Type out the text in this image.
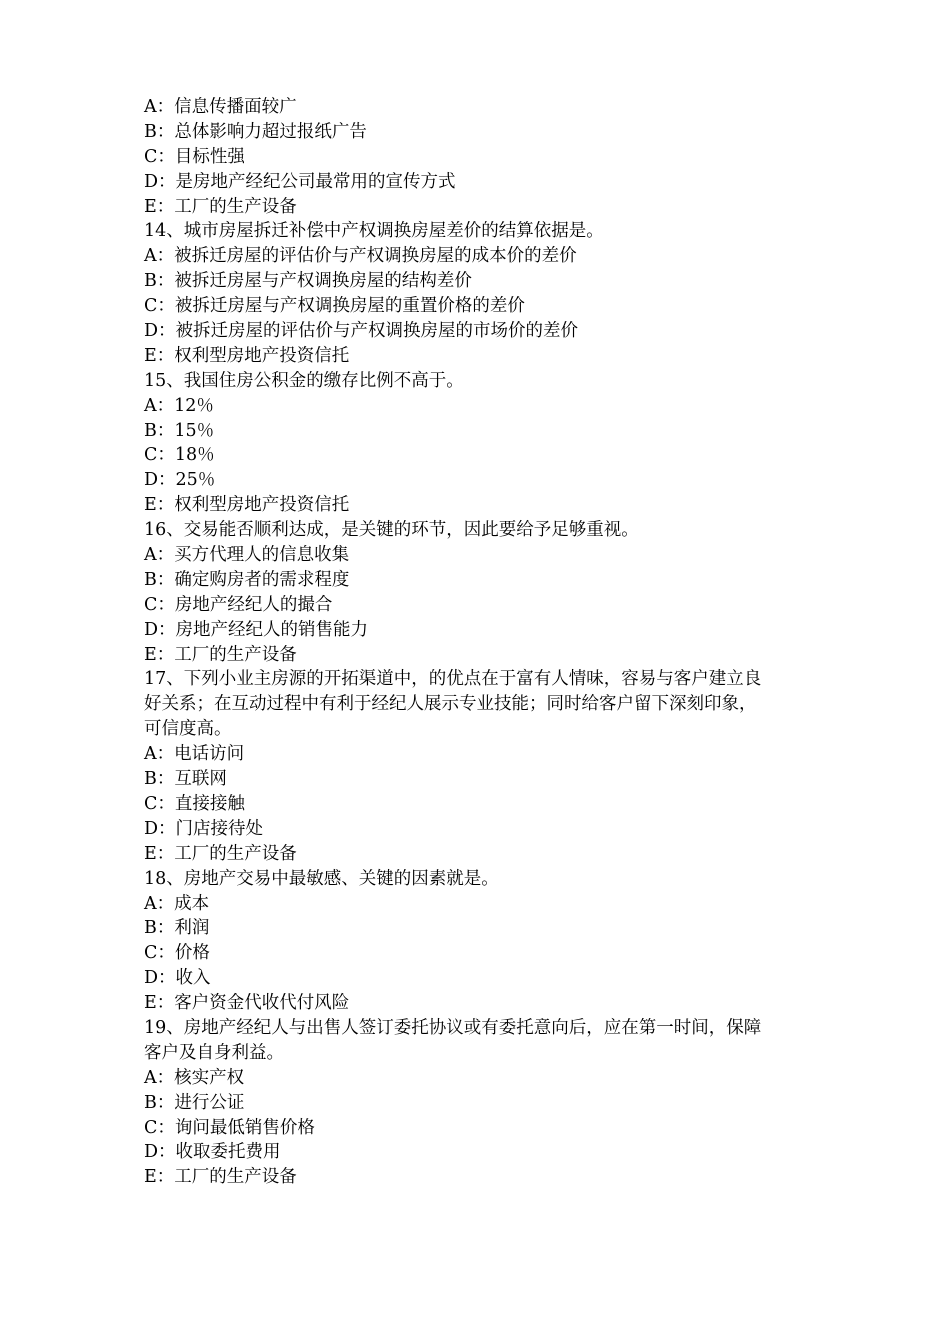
A：信息传播面较广
B：总体影响力超过报纸广告
C：目标性强
D：是房地产经纪公司最常用的宣传方式
E：工厂的生产设备
14、城市房屋拆迁补偿中产权调换房屋差价的结算依据是。
A：被拆迁房屋的评估价与产权调换房屋的成本价的差价
B：被拆迁房屋与产权调换房屋的结构差价
C：被拆迁房屋与产权调换房屋的重置价格的差价
D：被拆迁房屋的评估价与产权调换房屋的市场价的差价
E：权利型房地产投资信托
15、我国住房公积金的缴存比例不高于。
A：12％
B：15％
C：18％
D：25％
E：权利型房地产投资信托
16、交易能否顺利达成，是关键的环节，因此要给予足够重视。
A：买方代理人的信息收集
B：确定购房者的需求程度
C：房地产经纪人的撮合
D：房地产经纪人的销售能力
E：工厂的生产设备
17、下列小业主房源的开拓渠道中，的优点在于富有人情味，容易与客户建立良
好关系；在互动过程中有利于经纪人展示专业技能；同时给客户留下深刻印象，
可信度高。
A：电话访问
B：互联网
C：直接接触
D：门店接待处
E：工厂的生产设备
18、房地产交易中最敏感、关键的因素就是。
A：成本
B：利润
C：价格
D：收入
E：客户资金代收代付风险
19、房地产经纪人与出售人签订委托协议或有委托意向后，应在第一时间，保障
客户及自身利益。
A：核实产权
B：进行公证
C：询问最低销售价格
D：收取委托费用
E：工厂的生产设备
